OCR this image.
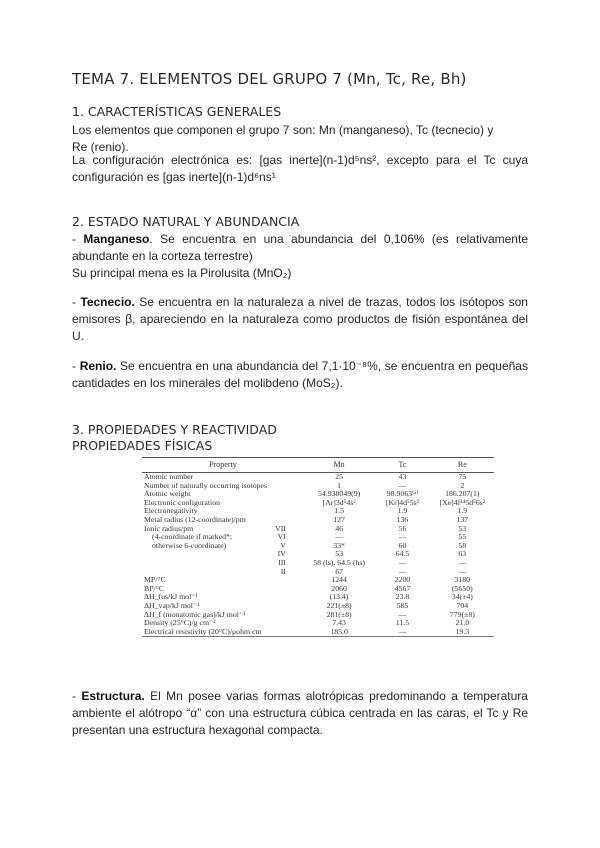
TEMA 7. ELEMENTOS DEL GRUPO 7 (Mn, Tc, Re, Bh)
1. CARACTERÍSTICAS GENERALES
Los elementos que componen el grupo 7 son: Mn (manganeso), Tc (tecnecio) y Re (renio).
La configuración electrónica es: [gas inerte](n-1)d⁵ns², excepto para el Tc cuya configuración es [gas inerte](n-1)d⁶ns¹
2. ESTADO NATURAL Y ABUNDANCIA
- Manganeso. Se encuentra en una abundancia del 0,106% (es relativamente abundante en la corteza terrestre)
Su principal mena es la Pirolusita (MnO₂)
- Tecnecio. Se encuentra en la naturaleza a nivel de trazas, todos los isótopos son emisores β, apareciendo en la naturaleza como productos de fisión espontánea del U.
- Renio. Se encuentra en una abundancia del 7,1·10⁻⁸%, se encuentra en pequeñas cantidades en los minerales del molibdeno (MoS₂).
3. PROPIEDADES Y REACTIVIDAD
PROPIEDADES FÍSICAS
Property		Mn	Tc	Re
Atomic number		25	43	75
Number of naturally occurring isotopes		1	—	2
Atomic weight		54.938049(9)	98.9063⁽ᵃ⁾	186.207(1)
Electronic configuration		[Ar]3d⁵4s²	[Kr]4d⁵5s²	[Xe]4f¹⁴5d⁵6s²
Electronegativity		1.5	1.9	1.9
Metal radius (12-coordinate)/pm		127	136	137
Ionic radius/pm	VII	46	56	53
(4-coordinate if marked*;	VI	—	—	55
otherwise 6-coordinate)	V	33*	60	58
	IV	53	64.5	63
	III	58 (ls), 64.5 (hs)	—	—
	II	67	—	—
MP/°C		1244	2200	3180
BP/°C		2060	4567	(5650)
ΔH_fus/kJ mol⁻¹		(13.4)	23.8	34(±4)
ΔH_vap/kJ mol⁻¹		221(±8)	585	704
ΔH_f (monatomic gas)/kJ mol⁻¹		281(±8)	—	779(±8)
Density (25°C)/g cm⁻³		7.43	11.5	21.0
Electrical resistivity (20°C)/μohm cm		185.0	—	19.3
- Estructura. El Mn posee varias formas alotrópicas predominando a temperatura ambiente el alótropo “α” con una estructura cúbica centrada en las caras, el Tc y Re presentan una estructura hexagonal compacta.
